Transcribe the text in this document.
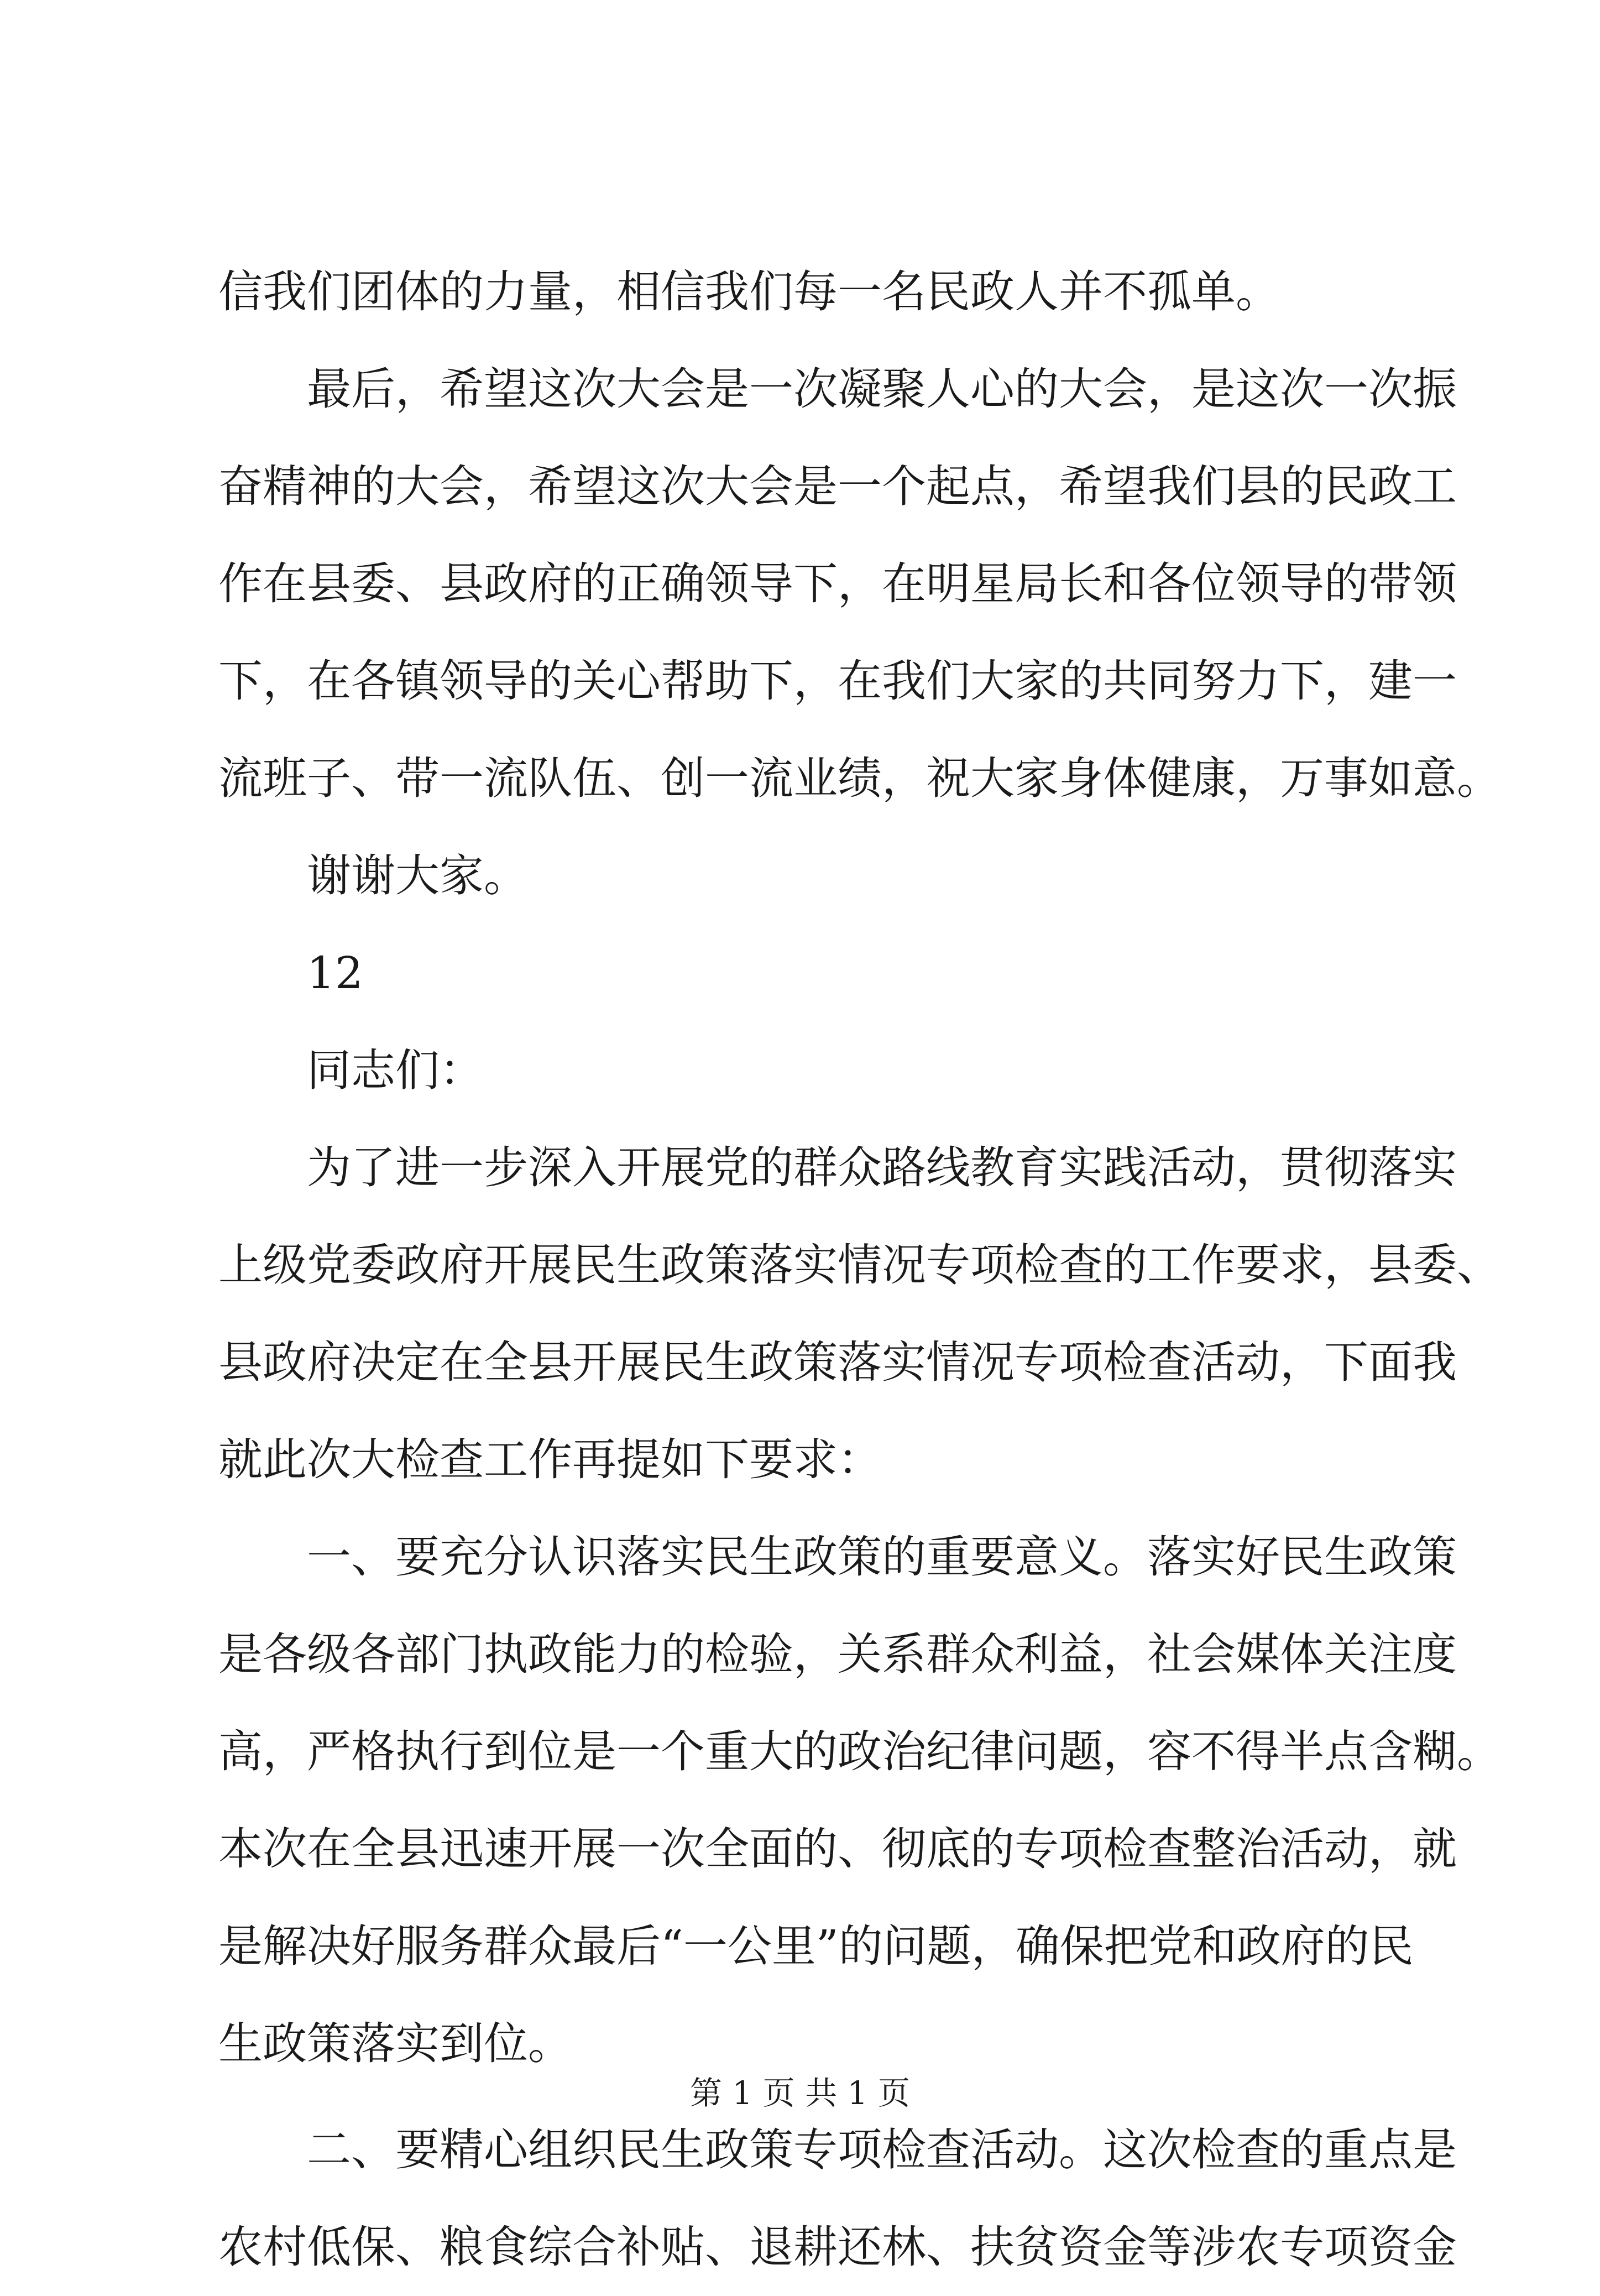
信我们团体的力量，相信我们每一名民政人并不孤单。
最后，希望这次大会是一次凝聚人心的大会，是这次一次振
奋精神的大会，希望这次大会是一个起点，希望我们县的民政工
作在县委、县政府的正确领导下，在明星局长和各位领导的带领
下，在各镇领导的关心帮助下，在我们大家的共同努力下，建一
流班子、带一流队伍、创一流业绩，祝大家身体健康，万事如意。
谢谢大家。
12
同志们：
为了进一步深入开展党的群众路线教育实践活动，贯彻落实
上级党委政府开展民生政策落实情况专项检查的工作要求，县委、
县政府决定在全县开展民生政策落实情况专项检查活动，下面我
就此次大检查工作再提如下要求：
一、要充分认识落实民生政策的重要意义。落实好民生政策
是各级各部门执政能力的检验，关系群众利益，社会媒体关注度
高，严格执行到位是一个重大的政治纪律问题，容不得半点含糊。
本次在全县迅速开展一次全面的、彻底的专项检查整治活动，就
是解决好服务群众最后“一公里”的问题，确保把党和政府的民
生政策落实到位。
二、要精心组织民生政策专项检查活动。这次检查的重点是
农村低保、粮食综合补贴、退耕还林、扶贫资金等涉农专项资金
第 1 页 共 1 页
